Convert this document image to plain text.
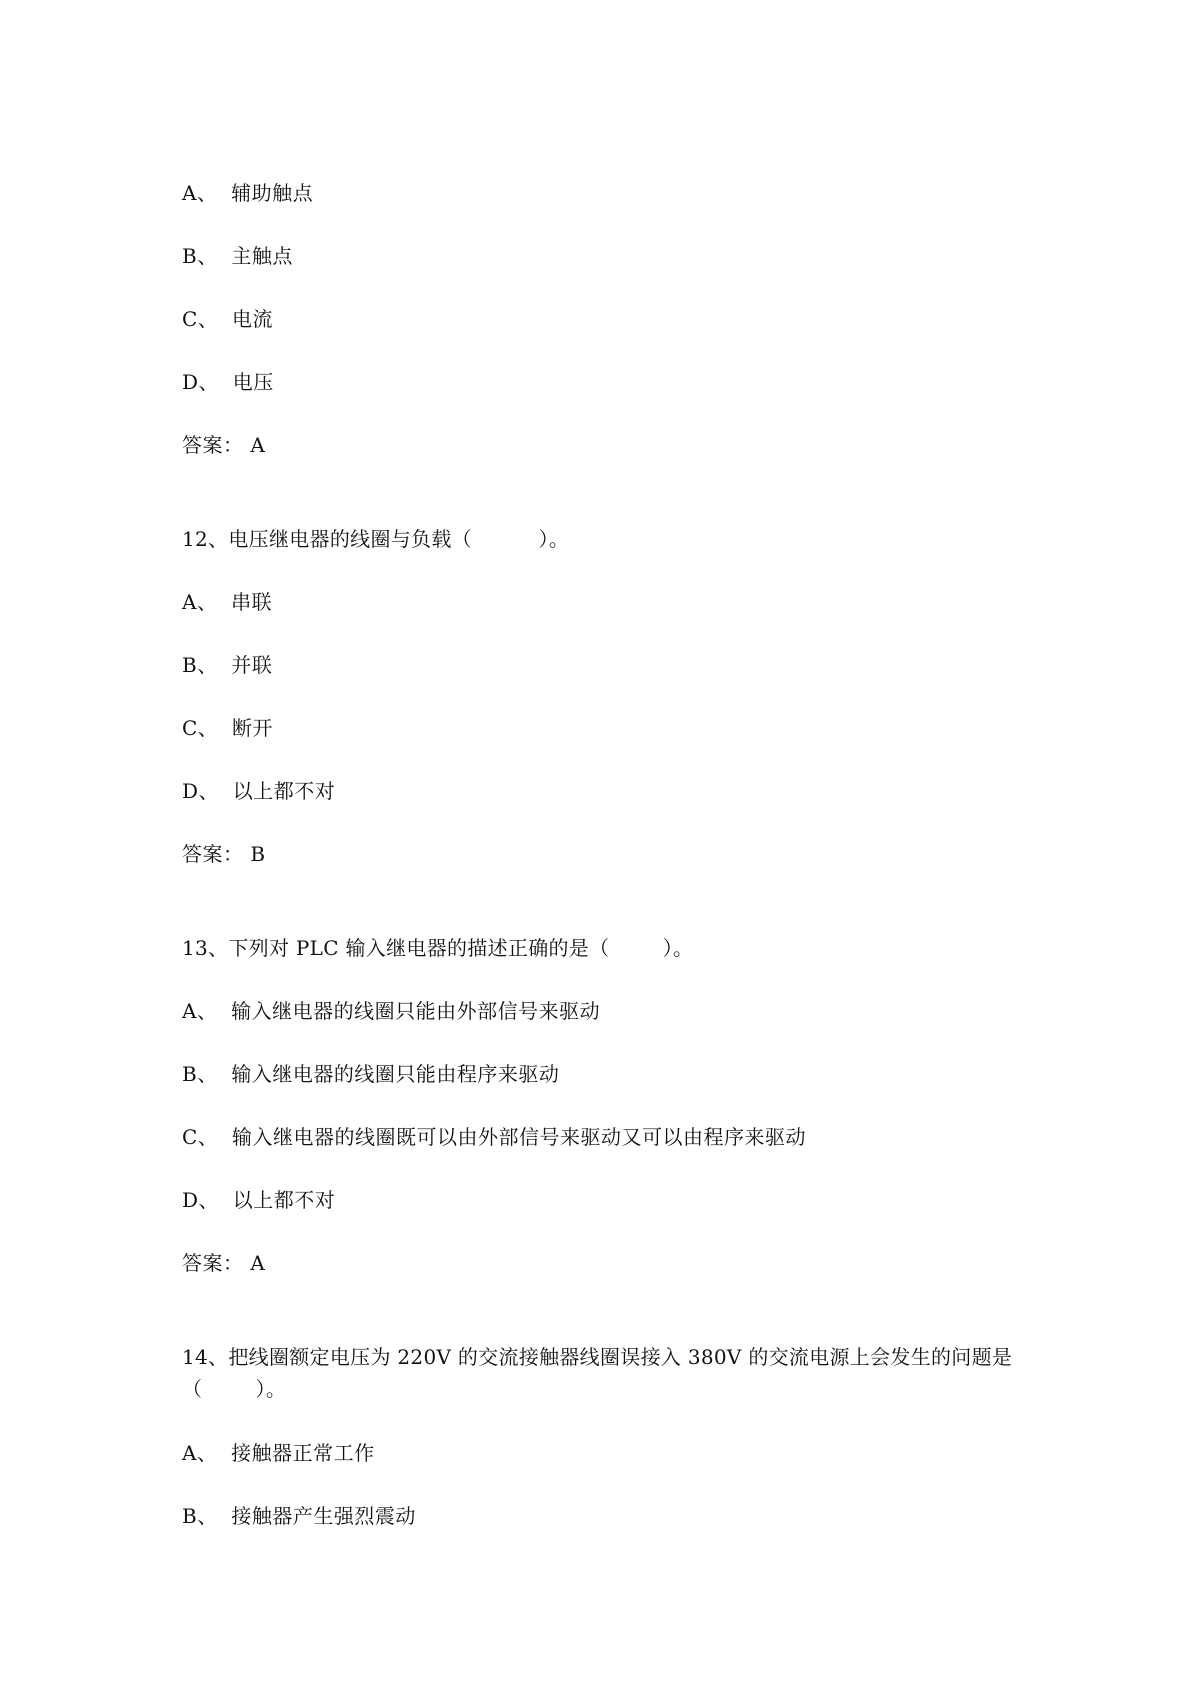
A、  辅助触点
B、  主触点
C、  电流
D、  电压
答案： A
12、电压继电器的线圈与负载（          ）。
A、  串联
B、  并联
C、  断开
D、  以上都不对
答案： B
13、下列对 PLC 输入继电器的描述正确的是（        ）。
A、  输入继电器的线圈只能由外部信号来驱动
B、  输入继电器的线圈只能由程序来驱动
C、  输入继电器的线圈既可以由外部信号来驱动又可以由程序来驱动
D、  以上都不对
答案： A
14、把线圈额定电压为 220V 的交流接触器线圈误接入 380V 的交流电源上会发生的问题是
（        ）。
A、  接触器正常工作
B、  接触器产生强烈震动
